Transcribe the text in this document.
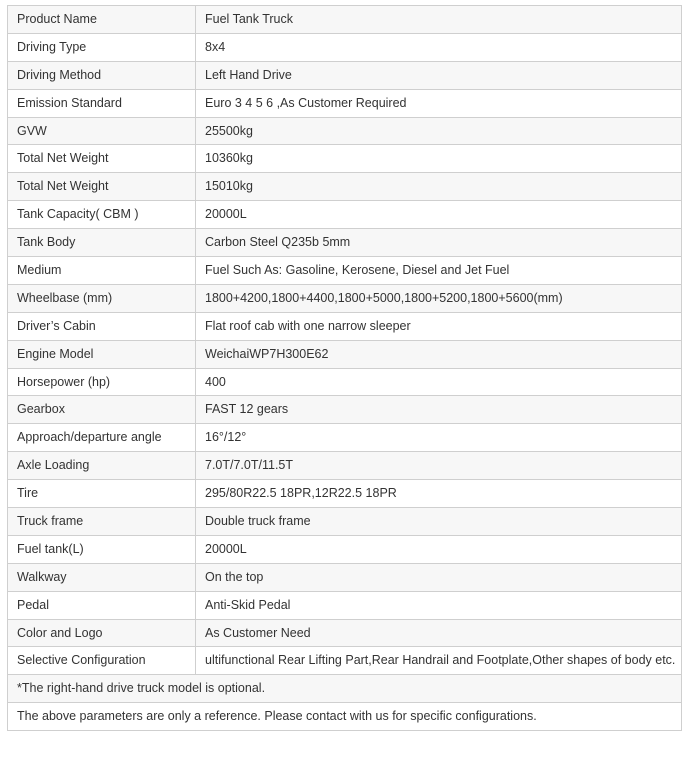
Product Name	Fuel Tank Truck
Driving Type	8x4
Driving Method	Left Hand Drive
Emission Standard	Euro 3 4 5 6 ,As Customer Required
GVW	25500kg
Total Net Weight	10360kg
Total Net Weight	15010kg
Tank Capacity( CBM )	20000L
Tank Body	Carbon Steel Q235b 5mm
Medium	Fuel Such As: Gasoline, Kerosene, Diesel and Jet Fuel
Wheelbase (mm)	1800+4200,1800+4400,1800+5000,1800+5200,1800+5600(mm)
Driver’s Cabin	Flat roof cab with one narrow sleeper
Engine Model	WeichaiWP7H300E62
Horsepower (hp)	400
Gearbox	FAST 12 gears
Approach/departure angle	16°/12°
Axle Loading	7.0T/7.0T/11.5T
Tire	295/80R22.5 18PR,12R22.5 18PR
Truck frame	Double truck frame
Fuel tank(L)	20000L
Walkway	On the top
Pedal	Anti-Skid Pedal
Color and Logo	As Customer Need
Selective Configuration	ultifunctional Rear Lifting Part,Rear Handrail and Footplate,Other shapes of body etc.
*The right-hand drive truck model is optional.	
The above parameters are only a reference. Please contact with us for specific configurations.	
